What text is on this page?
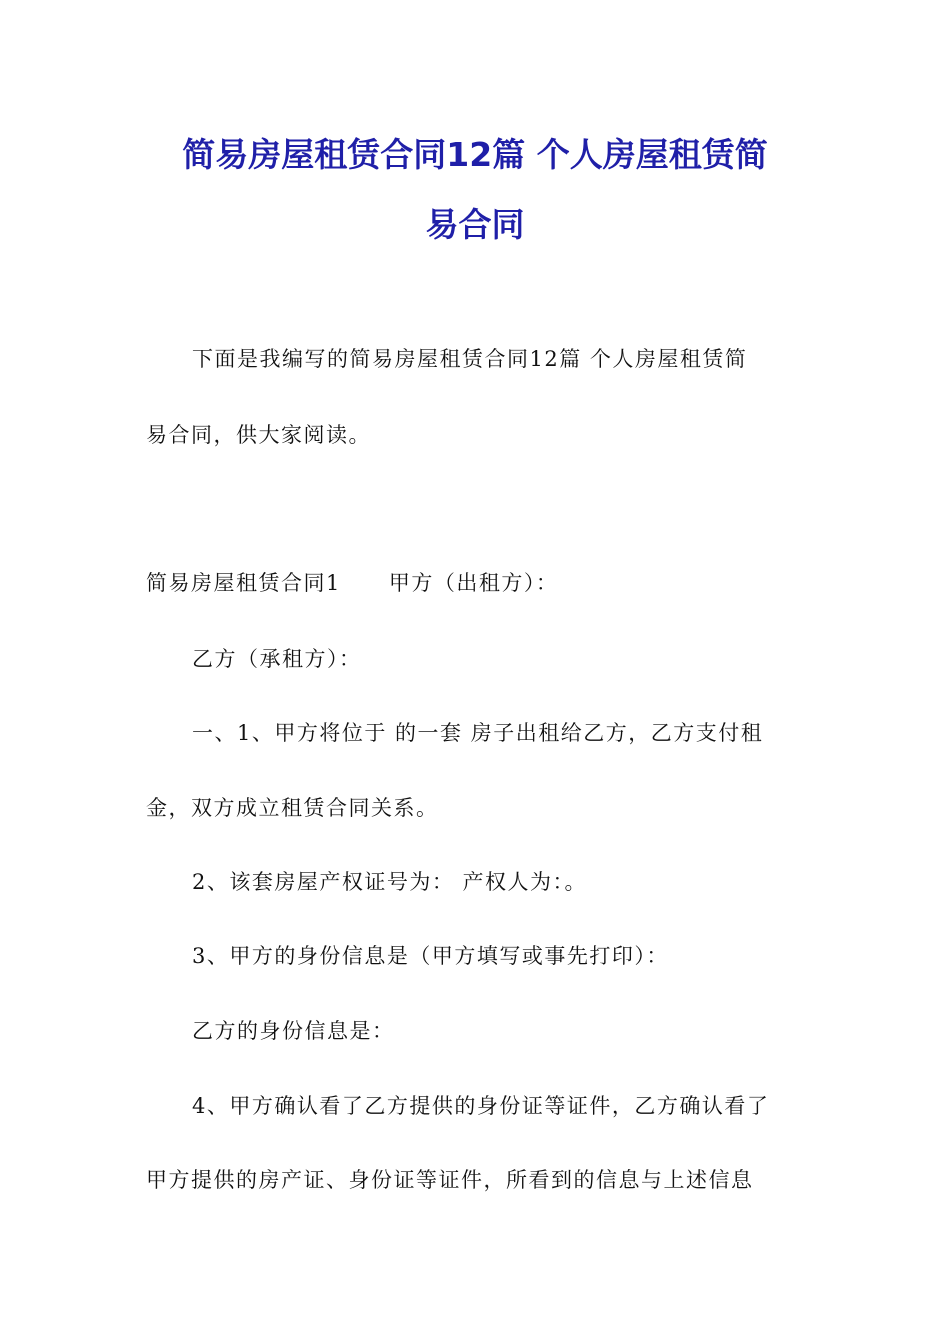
简易房屋租赁合同12篇 个人房屋租赁简
易合同
下面是我编写的简易房屋租赁合同12篇 个人房屋租赁简
易合同，供大家阅读。
简易房屋租赁合同1 甲方（出租方）：
乙方（承租方）：
一、1、甲方将位于 的一套 房子出租给乙方，乙方支付租
金，双方成立租赁合同关系。
2、该套房屋产权证号为： 产权人为：。
3、甲方的身份信息是（甲方填写或事先打印）：
乙方的身份信息是：
4、甲方确认看了乙方提供的身份证等证件，乙方确认看了
甲方提供的房产证、身份证等证件，所看到的信息与上述信息
